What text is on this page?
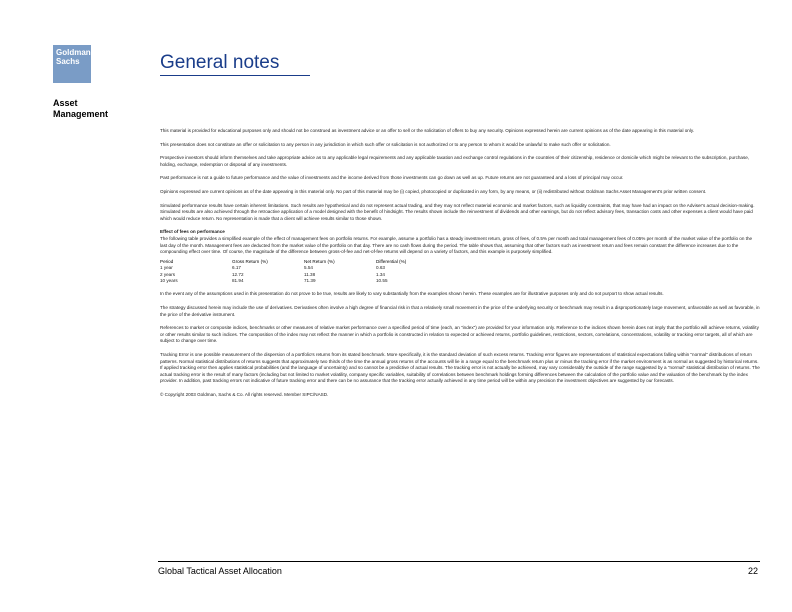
Goldman
Sachs
Asset
Management
General notes

This material is provided for educational purposes only and should not be construed as investment advice or an offer to sell or the solicitation of offers to buy any security. Opinions expressed herein are current opinions as of the date appearing in this material only.

This presentation does not constitute an offer or solicitation to any person in any jurisdiction in which such offer or solicitation is not authorized or to any person to whom it would be unlawful to make such offer or solicitation.

Prospective investors should inform themselves and take appropriate advice as to any applicable legal requirements and any applicable taxation and exchange control regulations in the countries of their citizenship, residence or domicile which might be relevant to the subscription, purchase, holding, exchange, redemption or disposal of any investments.

Past performance is not a guide to future performance and the value of investments and the income derived from those investments can go down as well as up. Future returns are not guaranteed and a loss of principal may occur.

Opinions expressed are current opinions as of the date appearing in this material only. No part of this material may be (i) copied, photocopied or duplicated in any form, by any means, or (ii) redistributed without Goldman Sachs Asset Management's prior written consent.

Simulated performance results have certain inherent limitations. Such results are hypothetical and do not represent actual trading, and they may not reflect material economic and market factors, such as liquidity constraints, that may have had an impact on the Adviser's actual decision-making. Simulated results are also achieved through the retroactive application of a model designed with the benefit of hindsight. The results shown include the reinvestment of dividends and other earnings, but do not reflect advisory fees, transaction costs and other expenses a client would have paid which would reduce return. No representation is made that a client will achieve results similar to those shown.

Effect of fees on performance

The following table provides a simplified example of the effect of management fees on portfolio returns. For example, assume a portfolio has a steady investment return, gross of fees, of 0.5% per month and total management fees of 0.05% per month of the market value of the portfolio on the last day of the month. Management fees are deducted from the market value of the portfolio on that day. There are no cash flows during the period. The table shows that, assuming that other factors such as investment return and fees remain constant the difference increases due to the compounding effect over time. Of course, the magnitude of the difference between gross-of-fee and net-of-fee returns will depend on a variety of factors, and this example is purposely simplified.

Period	Gross Return (%)	Net Return (%)	Differential (%)
1 year	6.17	5.54	0.63
2 years	12.72	11.38	1.34
10 years	81.94	71.39	10.55

In the event any of the assumptions used in this presentation do not prove to be true, results are likely to vary substantially from the examples shown herein. These examples are for illustrative purposes only and do not purport to show actual results.

The strategy discussed herein may include the use of derivatives. Derivatives often involve a high degree of financial risk in that a relatively small movement in the price of the underlying security or benchmark may result in a disproportionately large movement, unfavorable as well as favorable, in the price of the derivative instrument.

References to market or composite indices, benchmarks or other measures of relative market performance over a specified period of time (each, an "index") are provided for your information only. Reference to the indices shown herein does not imply that the portfolio will achieve returns, volatility or other results similar to such indices. The composition of the index may not reflect the manner in which a portfolio is constructed in relation to expected or achieved returns, portfolio guidelines, restrictions, sectors, correlations, concentrations, volatility or tracking error targets, all of which are subject to change over time.

Tracking Error is one possible measurement of the dispersion of a portfolio's returns from its stated benchmark. More specifically, it is the standard deviation of such excess returns. Tracking error figures are representations of statistical expectations falling within "normal" distributions of return patterns. Normal statistical distributions of returns suggests that approximately two thirds of the time the annual gross returns of the accounts will lie in a range equal to the benchmark return plus or minus the tracking error if the market environment is as normal as suggested by historical returns. If applied tracking error then applies statistical probabilities (and the language of uncertainty) and so cannot be a predictive of actual results. The tracking error is not actually be achieved, may vary considerably the outside of the range suggested by a "normal" statistical distribution of returns. The actual tracking error is the result of many factors (including but not limited to market volatility, company specific variables, suitability of correlations between benchmark holdings forming differences between the calculation of the portfolio value and the valuation of the benchmark by the index provider. In addition, past tracking errors not indicative of future tracking error and there can be no assurance that the tracking error actually achieved in any time period will be within any precision the investment objectives are suggested by our forecasts.

© Copyright 2003 Goldman, Sachs & Co. All rights reserved. Member SIPC/NASD.

Global Tactical Asset Allocation	22
